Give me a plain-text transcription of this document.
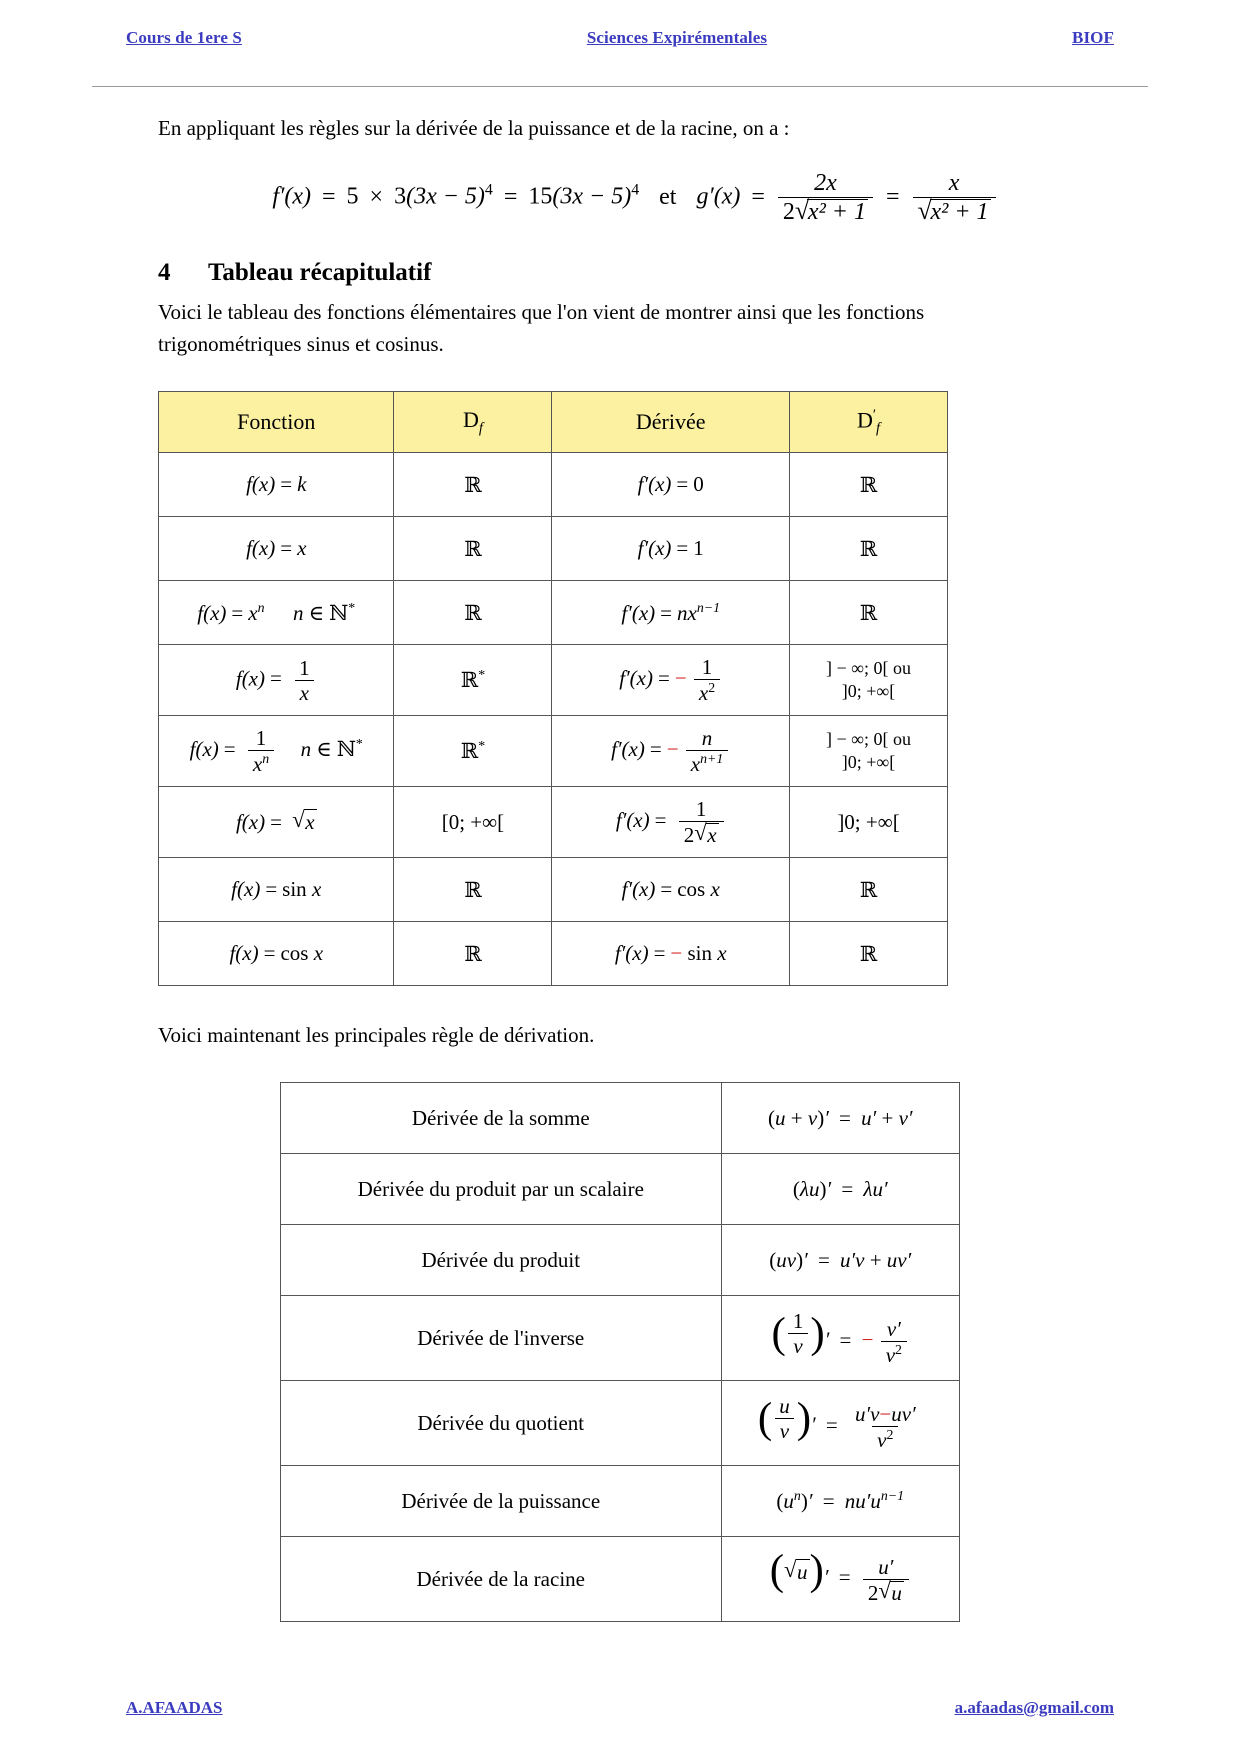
Cours de 1ere S	Sciences Expirémentales	BIOF

En appliquant les règles sur la dérivée de la puissance et de la racine, on a :

$f'(x) = 5 \times 3(3x - 5)^4 = 15(3x - 5)^4$ et $g'(x) = \frac{2x}{\text{2 √ x² + 1}} = x$
√ x² + 1
4	Tableau récapitulatif

Voici le tableau des fonctions élémentaires que l'on vient de montrer ainsi que les fonctions trigonométriques sinus et cosinus.

Fonction	$D_f$	Dérivée	$D'_f$
f(x) = k	ℝ	f′(x) = 0	ℝ
f(x) = x	ℝ	f′(x) = 1	ℝ
$f(x) = x^n$ n ∈ ℕ*	ℝ	$f'(x) = nx^{n-1}$	ℝ
$f(x) = \frac{1}{x}$	ℝ*	f′(x) = − $\frac{1}{x^2}$	] − ∞; 0[ ou
]0; +∞[

$f(x) = \frac{1}{x^n}$ n ∈ ℕ*	ℝ*	f′(x) = − $\frac{n}{x^{n+1}}$	] − ∞; 0[ ou
]0; +∞[

f(x) = √ x	[0; +∞[	$f'(x) = \frac{1}{2 √ x}$	]0; +∞[
f(x) = sin x	ℝ	f′(x) = cos x	ℝ
f(x) = cos x	ℝ	f′(x) = − sin x	ℝ

Voici maintenant les principales règle de dérivation.

Dérivée de la somme	(u + v)′ = u′ + v′
Dérivée du produit par un scalaire	(λu)′ = λu′
Dérivée du produit	(uv)′ = u′v + uv′
Dérivée de l'inverse	( $\frac{1}{v}$ ) ′ = − $\frac{v'}{v^2}$

Dérivée du quotient	( $\frac{u}{v}$ ) ′ = $\frac{u'v-uv'}{v^2}$

Dérivée de la puissance	$(u^n)' = nu'u^{n-1}$
Dérivée de la racine	( √ u ) ′ = $\frac{u'}{2 √ u}$
A.AFAADAS	a.afaadas@gmail.com
